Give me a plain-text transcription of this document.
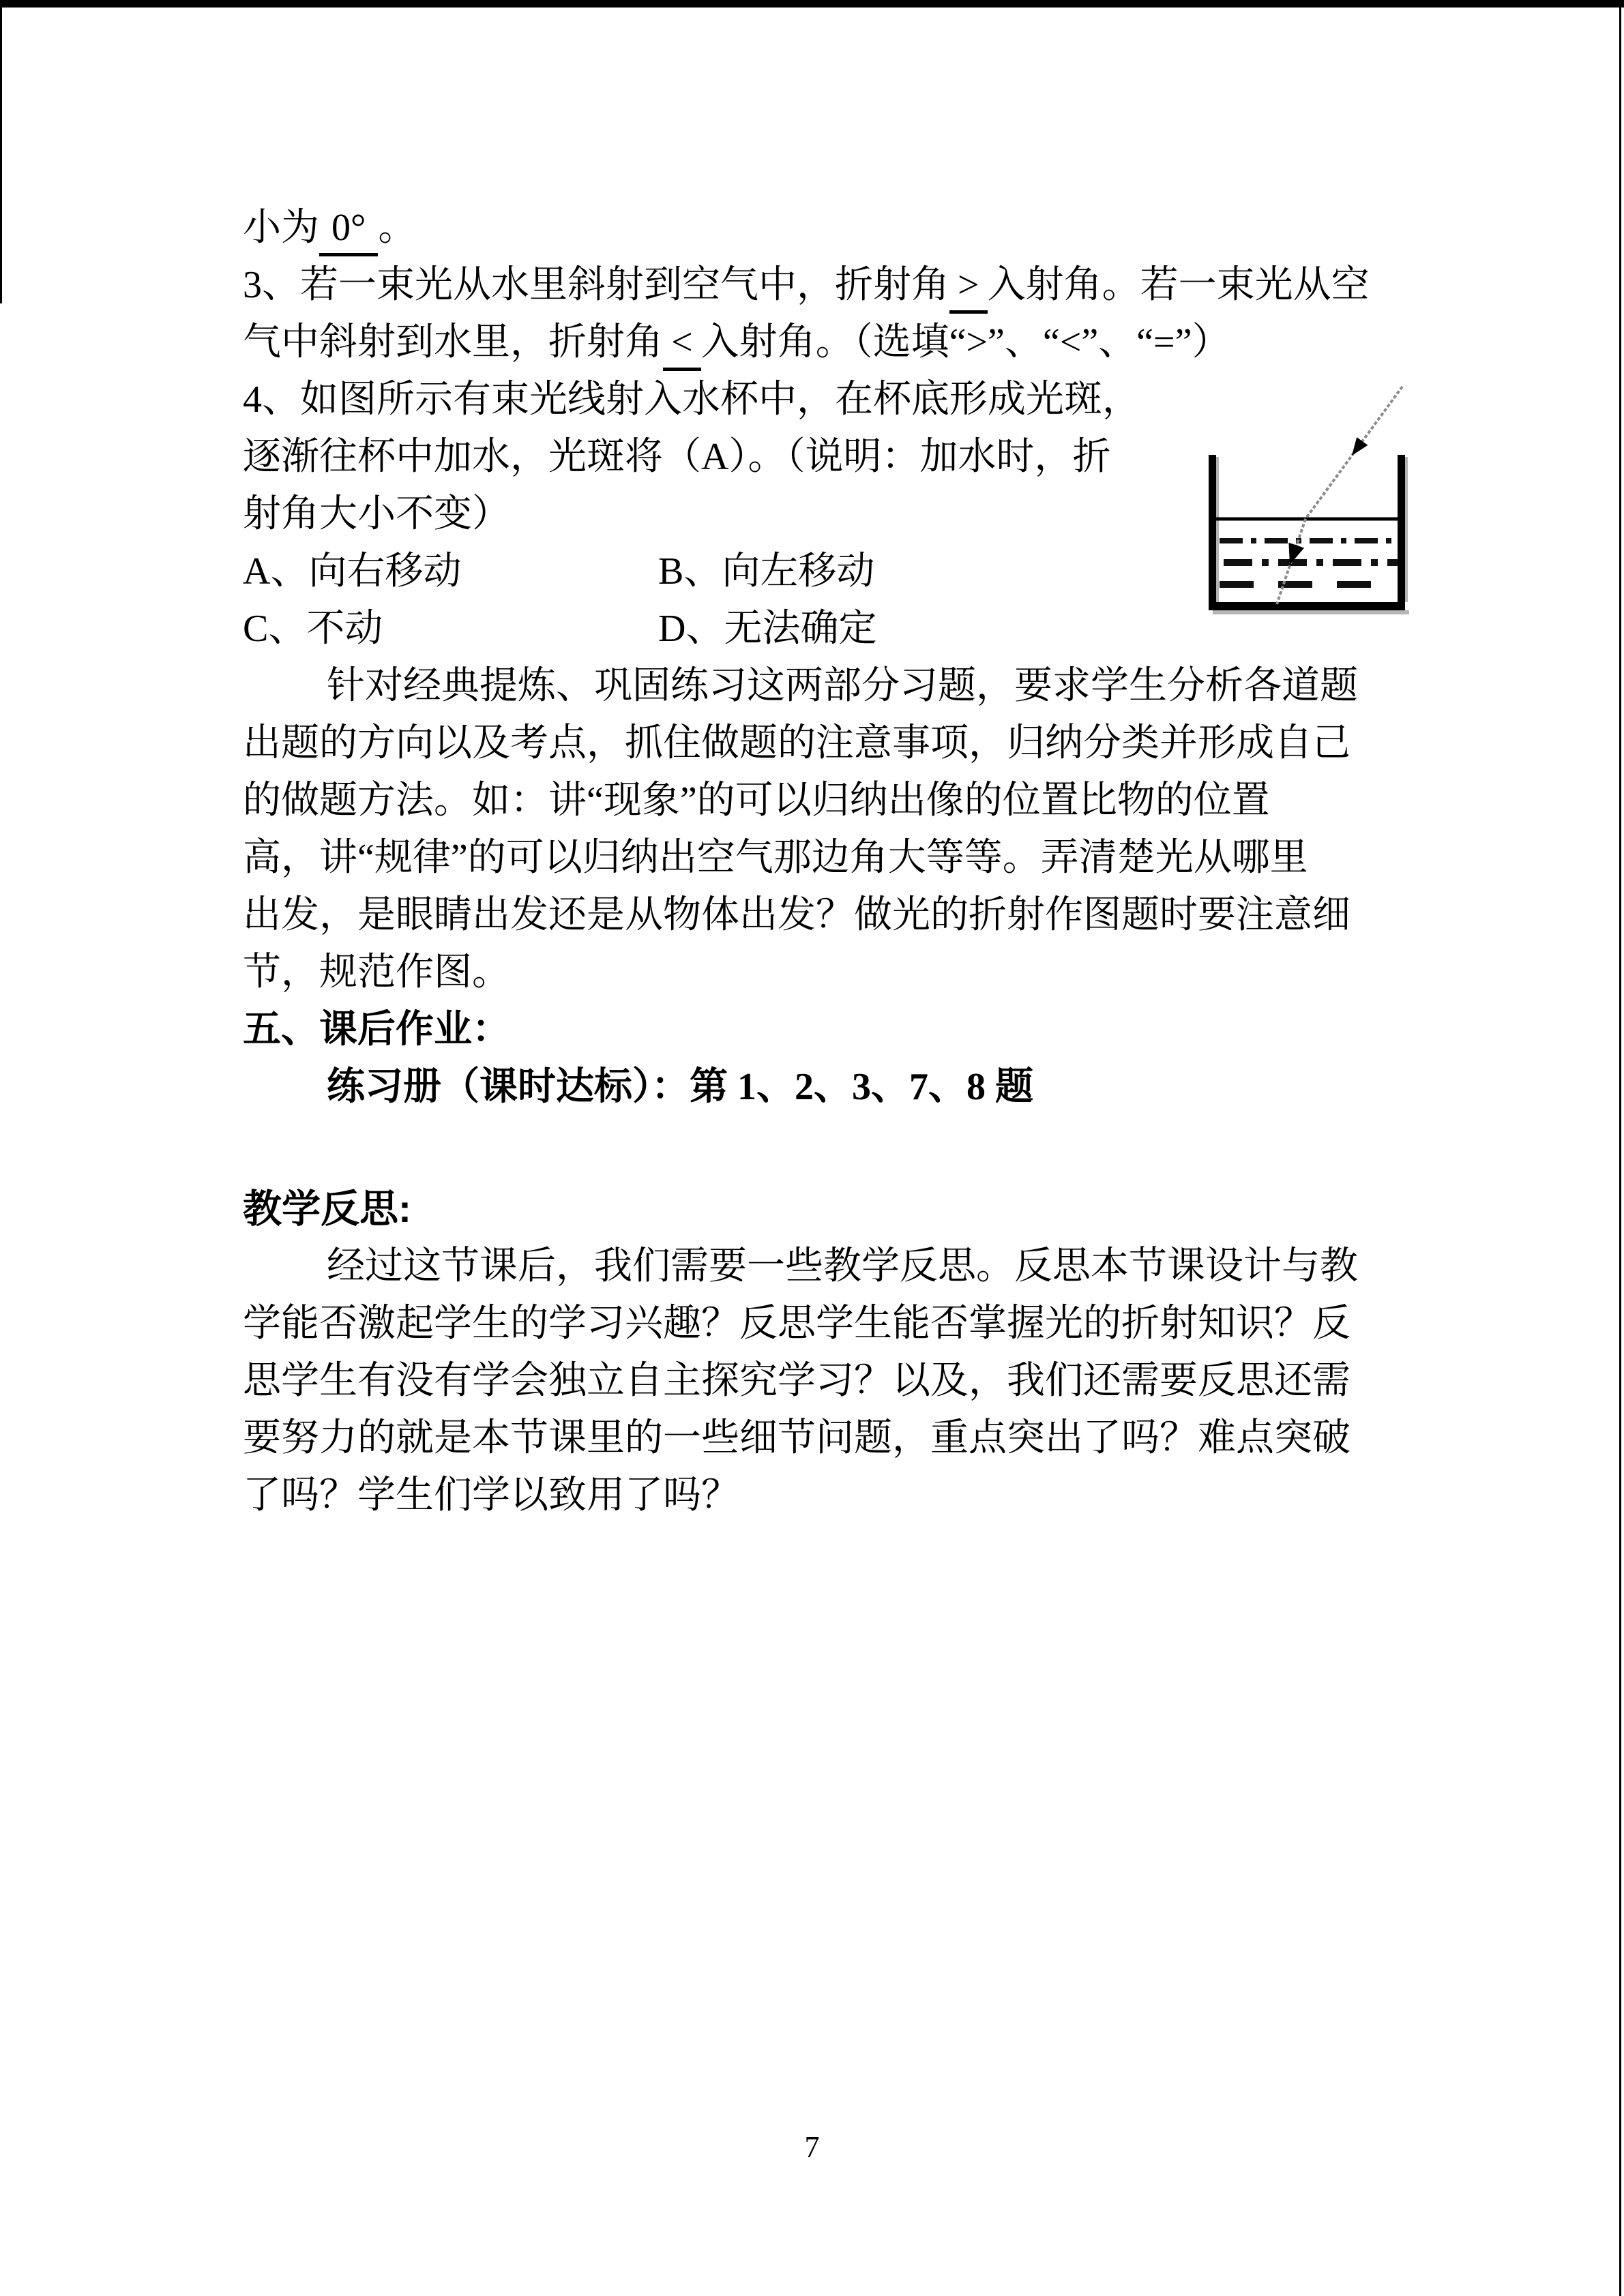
小为 0° 。
3、若一束光从水里斜射到空气中，折射角 > 入射角。若一束光从空
气中斜射到水里，折射角 < 入射角。（选填“>”、“<”、“=”）
4、如图所示有束光线射入水杯中，在杯底形成光斑，
逐渐往杯中加水，光斑将（A）。（说明：加水时，折
射角大小不变）
A、向右移动	B、向左移动
C、不动	D、无法确定
针对经典提炼、巩固练习这两部分习题，要求学生分析各道题
出题的方向以及考点，抓住做题的注意事项，归纳分类并形成自己
的做题方法。如：讲“现象”的可以归纳出像的位置比物的位置
高，讲“规律”的可以归纳出空气那边角大等等。弄清楚光从哪里
出发，是眼睛出发还是从物体出发？做光的折射作图题时要注意细
节，规范作图。
五、课后作业：
练习册（课时达标）：第 1、2、3、7、8 题
教学反思:
经过这节课后，我们需要一些教学反思。反思本节课设计与教
学能否激起学生的学习兴趣？反思学生能否掌握光的折射知识？反
思学生有没有学会独立自主探究学习？以及，我们还需要反思还需
要努力的就是本节课里的一些细节问题，重点突出了吗？难点突破
了吗？学生们学以致用了吗？
7
